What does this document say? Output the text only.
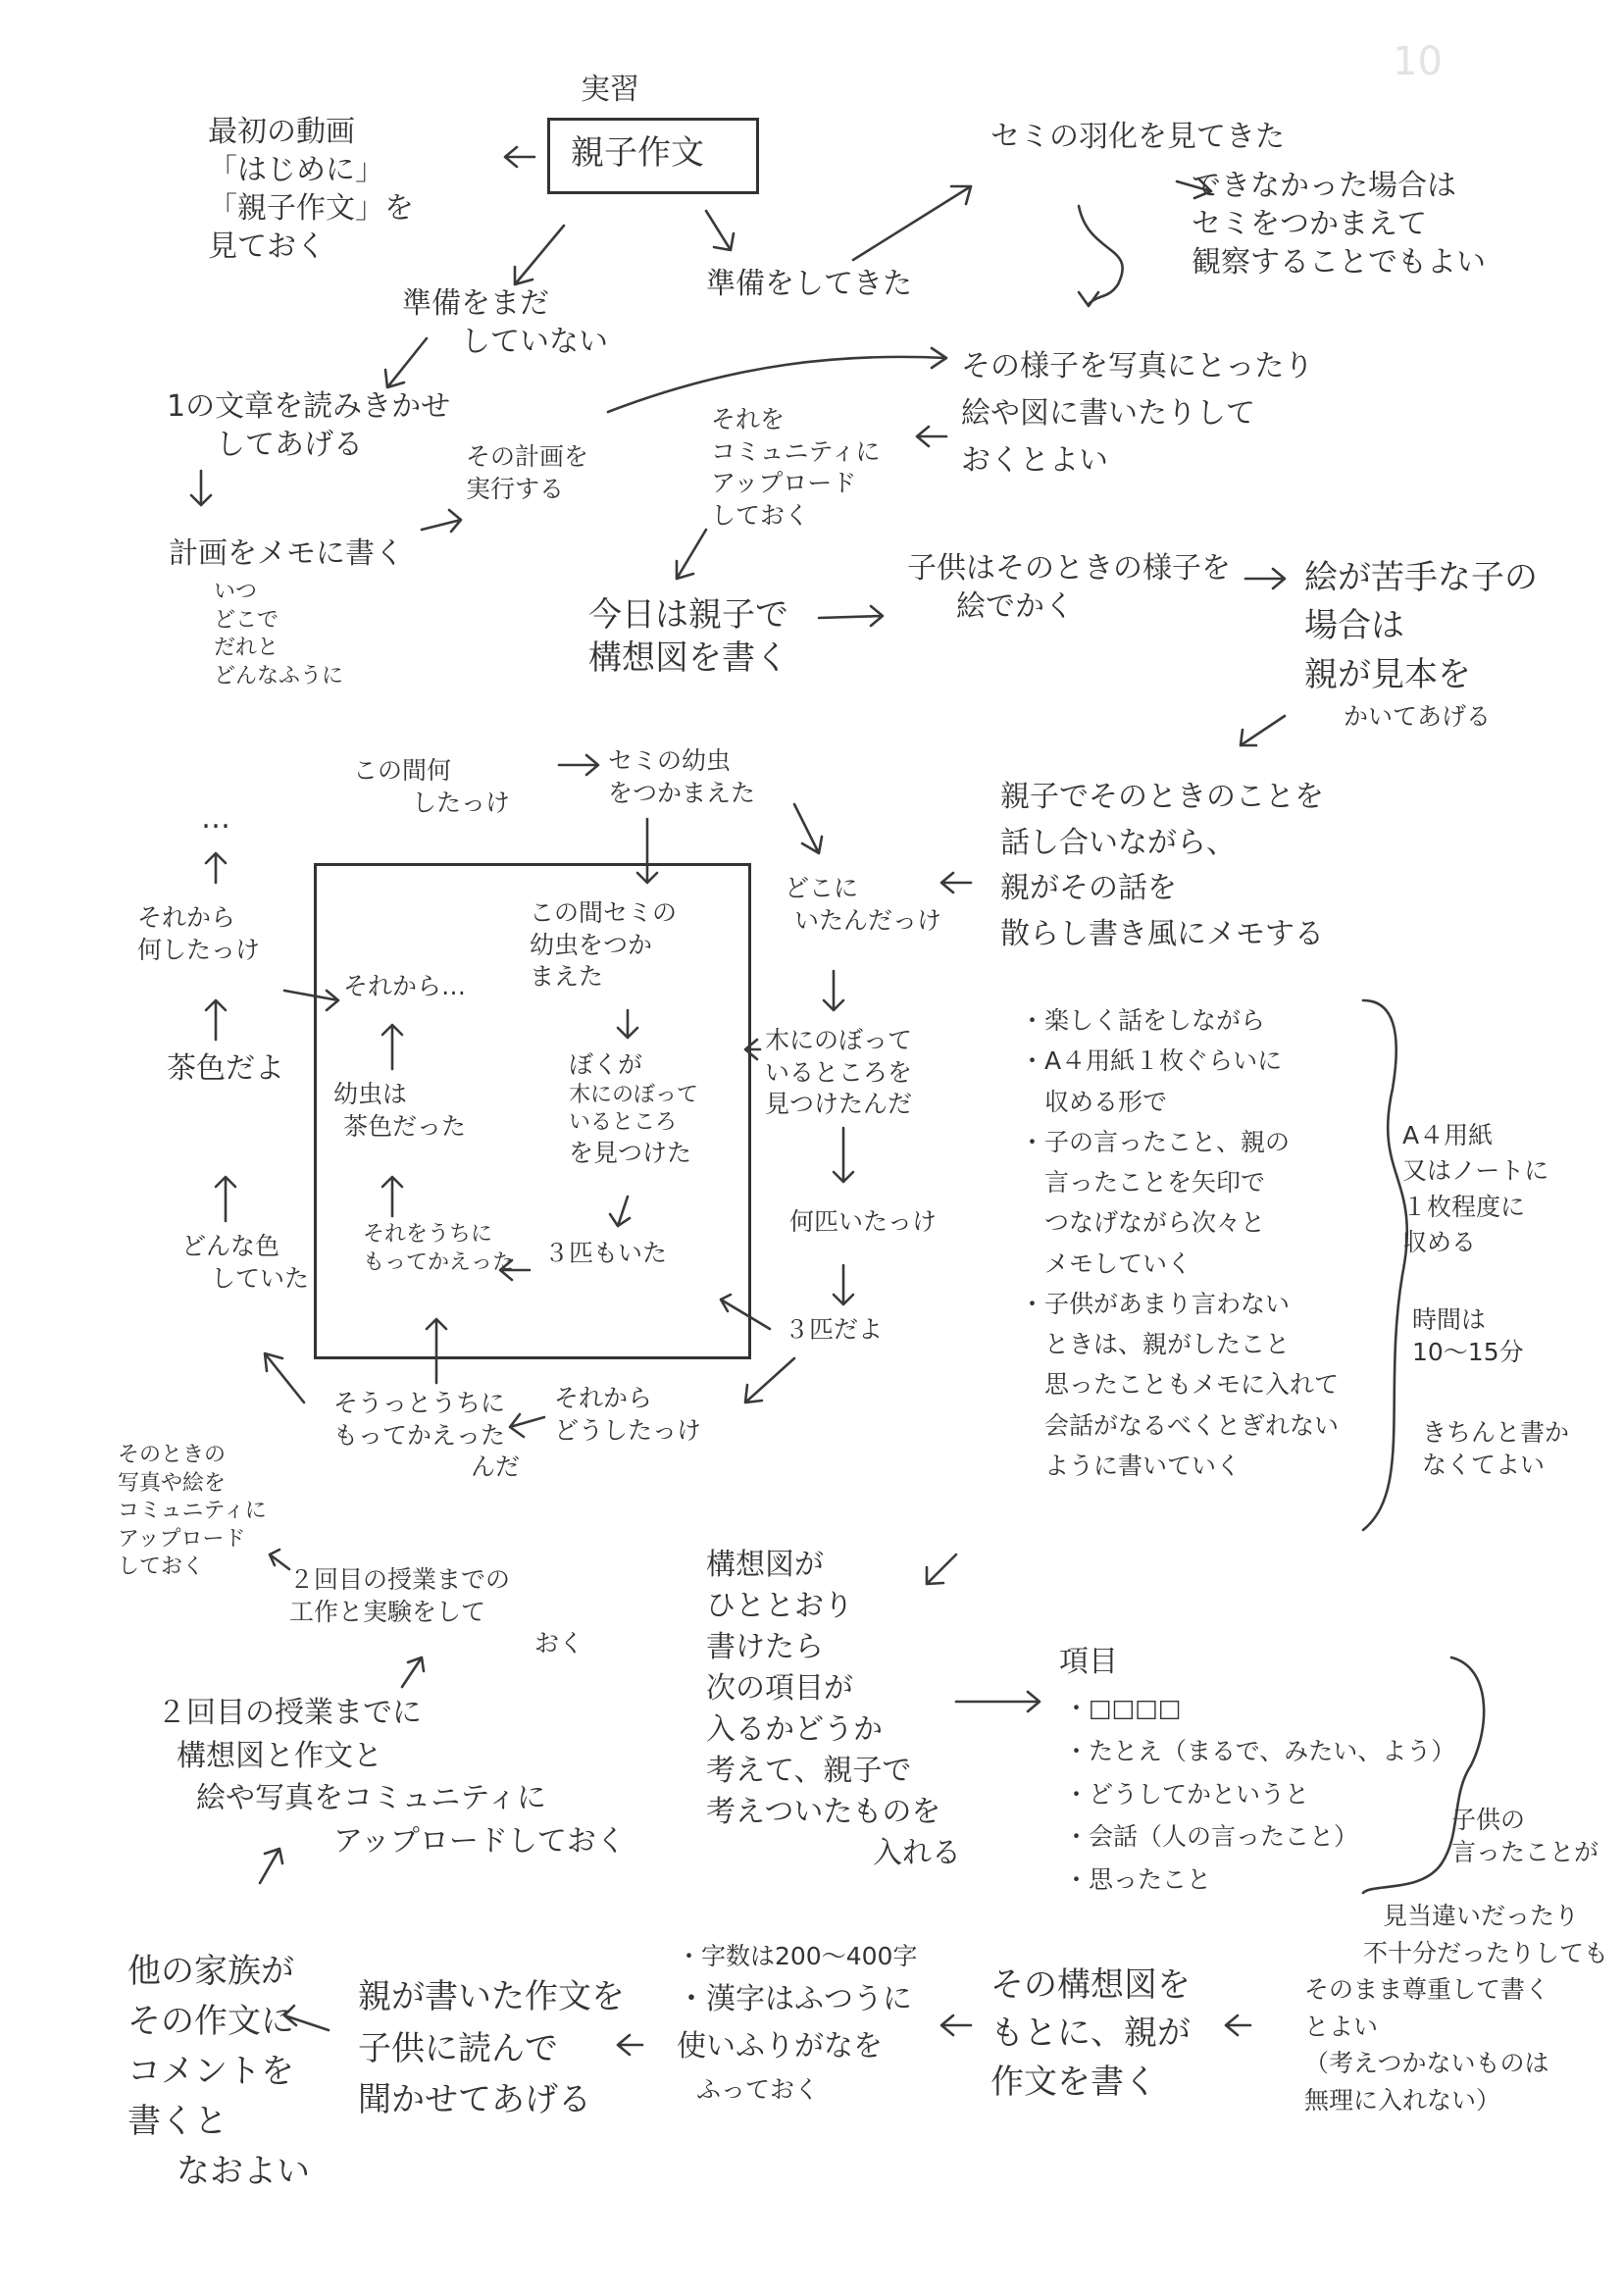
10
実習
親子作文
最初の動画
「はじめに」
「親子作文」を
見ておく
準備をまだ
していない
準備をしてきた
セミの羽化を見てきた
できなかった場合は
セミをつかまえて
観察することでもよい
1の文章を読みきかせ
してあげる
計画をメモに書く
いつ
どこで
だれと
どんなふうに
その計画を
実行する
その様子を写真にとったり
絵や図に書いたりして
おくとよい
それを
コミュニティに
アップロード
しておく
今日は親子で
構想図を書く
子供はそのときの様子を
絵でかく
絵が苦手な子の
場合は
親が見本を
かいてあげる
親子でそのときのことを
話し合いながら、
親がその話を
散らし書き風にメモする
・楽しく話をしながら
・A４用紙１枚ぐらいに
　収める形で
・子の言ったこと、親の
　言ったことを矢印で
　つなげながら次々と
　メモしていく
・子供があまり言わない
　ときは、親がしたこと
　思ったこともメモに入れて
　会話がなるべくとぎれない
　ように書いていく
A４用紙
又はノートに
１枚程度に
収める
時間は
10〜15分
きちんと書か
なくてよい
この間何
したっけ
セミの幼虫
をつかまえた
どこに
いたんだっけ
木にのぼって
いるところを
見つけたんだ
何匹いたっけ
３匹だよ
それから
どうしたっけ
そうっとうちに
もってかえった
んだ
どんな色
していた
茶色だよ
それから
何したっけ
…
この間セミの
幼虫をつか
まえた
ぼくが
木にのぼって
いるところ
を見つけた
３匹もいた
それをうちに
もってかえった
幼虫は
茶色だった
それから…
そのときの
写真や絵を
コミュニティに
アップロード
しておく	２回目の授業までの
工作と実験をして
おく
２回目の授業までに
構想図と作文と
絵や写真をコミュニティに
アップロードしておく
構想図が
ひととおり
書けたら
次の項目が
入るかどうか
考えて、親子で
考えついたものを
入れる
項目
・□□□□
・たとえ（まるで、みたい、よう）
・どうしてかというと
・会話（人の言ったこと）
・思ったこと
子供の
言ったことが
見当違いだったり
不十分だったりしても
そのまま尊重して書く
とよい
（考えつかないものは
無理に入れない）
その構想図を
もとに、親が
作文を書く
・字数は200〜400字
・漢字はふつうに
使いふりがなを
ふっておく
親が書いた作文を
子供に読んで
聞かせてあげる
他の家族が
その作文に
コメントを
書くと
なおよい
